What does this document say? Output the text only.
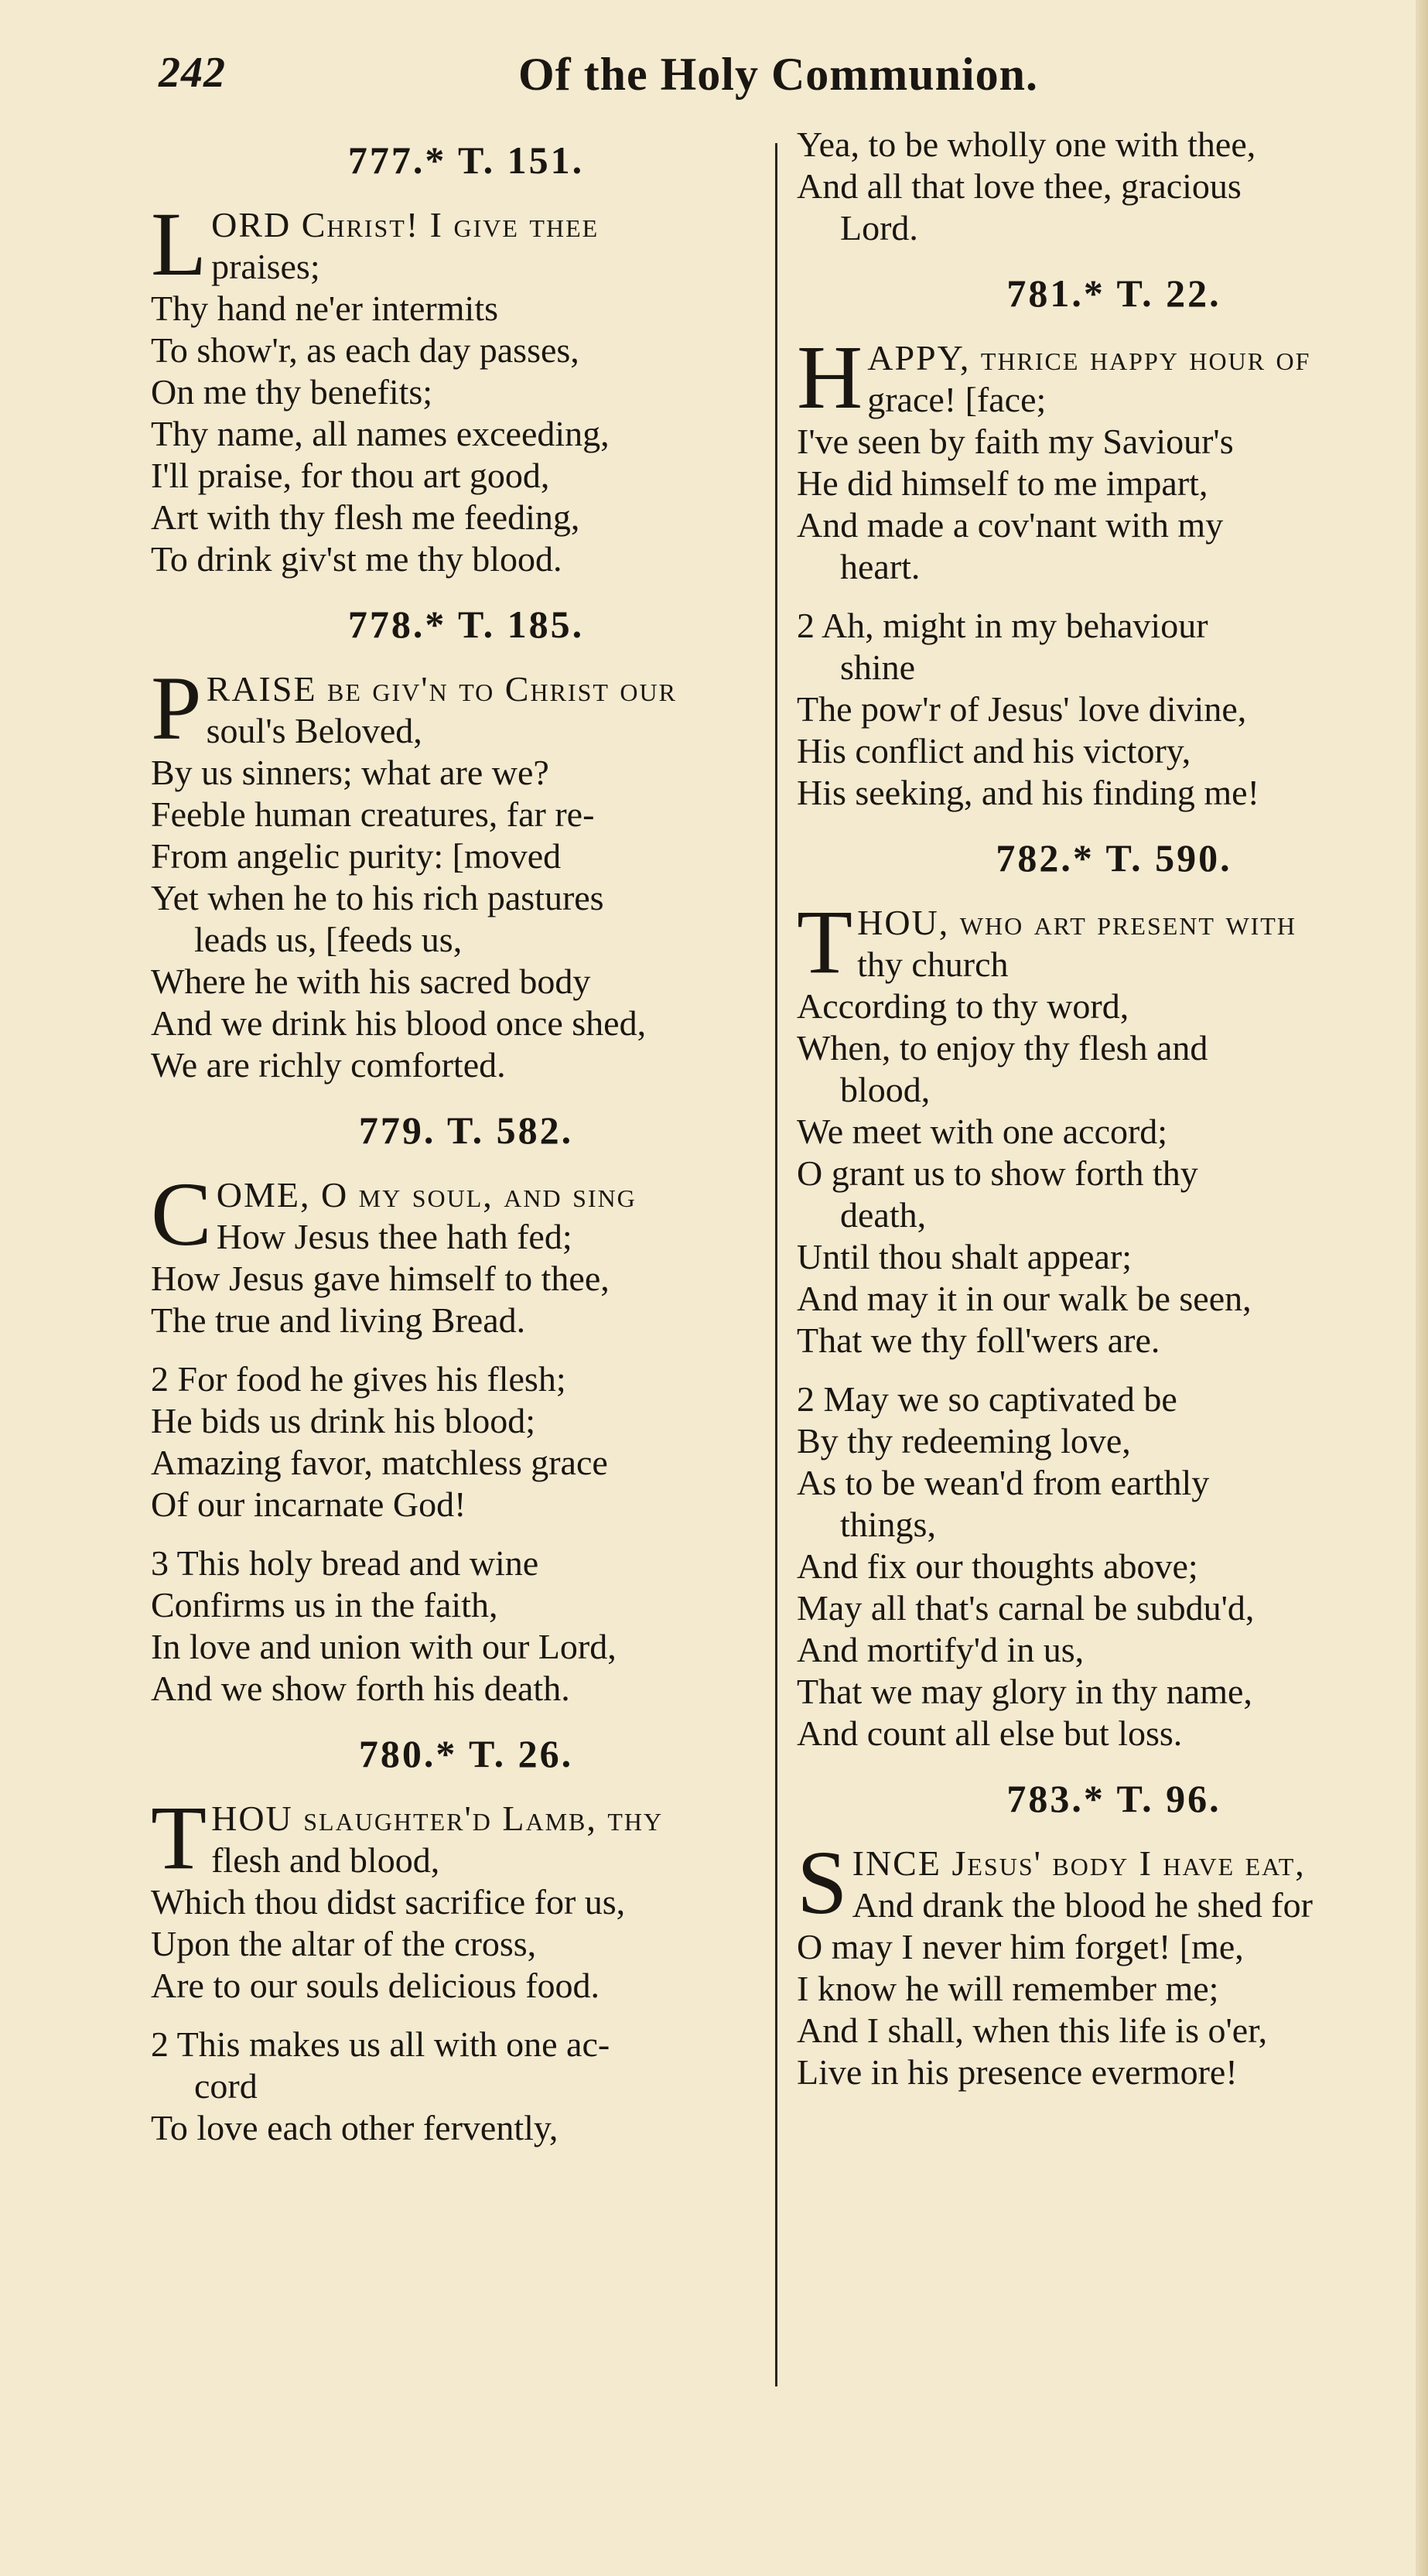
242	Of the Holy Communion.
777.* T. 151.
L ORD Christ! I give thee
praises;
Thy hand ne'er intermits
To show'r, as each day passes,
On me thy benefits;
Thy name, all names exceeding,
I'll praise, for thou art good,
Art with thy flesh me feeding,
To drink giv'st me thy blood.
778.* T. 185.
P RAISE be giv'n to Christ our
soul's Beloved,
By us sinners; what are we?
Feeble human creatures, far re-
From angelic purity: [moved
Yet when he to his rich pastures
leads us, [feeds us,
Where he with his sacred body
And we drink his blood once shed,
We are richly comforted.
779. T. 582.
C OME, O my soul, and sing
How Jesus thee hath fed;
How Jesus gave himself to thee,
The true and living Bread.
2 For food he gives his flesh;
He bids us drink his blood;
Amazing favor, matchless grace
Of our incarnate God!
3 This holy bread and wine
Confirms us in the faith,
In love and union with our Lord,
And we show forth his death.
780.* T. 26.
T HOU slaughter'd Lamb, thy
flesh and blood,
Which thou didst sacrifice for us,
Upon the altar of the cross,
Are to our souls delicious food.
2 This makes us all with one ac-
cord
To love each other fervently,
Yea, to be wholly one with thee,
And all that love thee, gracious
Lord.
781.* T. 22.
H APPY, thrice happy hour of
grace! [face;
I've seen by faith my Saviour's
He did himself to me impart,
And made a cov'nant with my
heart.
2 Ah, might in my behaviour
shine
The pow'r of Jesus' love divine,
His conflict and his victory,
His seeking, and his finding me!
782.* T. 590.
T HOU, who art present with
thy church
According to thy word,
When, to enjoy thy flesh and
blood,
We meet with one accord;
O grant us to show forth thy
death,
Until thou shalt appear;
And may it in our walk be seen,
That we thy foll'wers are.
2 May we so captivated be
By thy redeeming love,
As to be wean'd from earthly
things,
And fix our thoughts above;
May all that's carnal be subdu'd,
And mortify'd in us,
That we may glory in thy name,
And count all else but loss.
783.* T. 96.
S INCE Jesus' body I have eat,
And drank the blood he shed for
O may I never him forget! [me,
I know he will remember me;
And I shall, when this life is o'er,
Live in his presence evermore!
